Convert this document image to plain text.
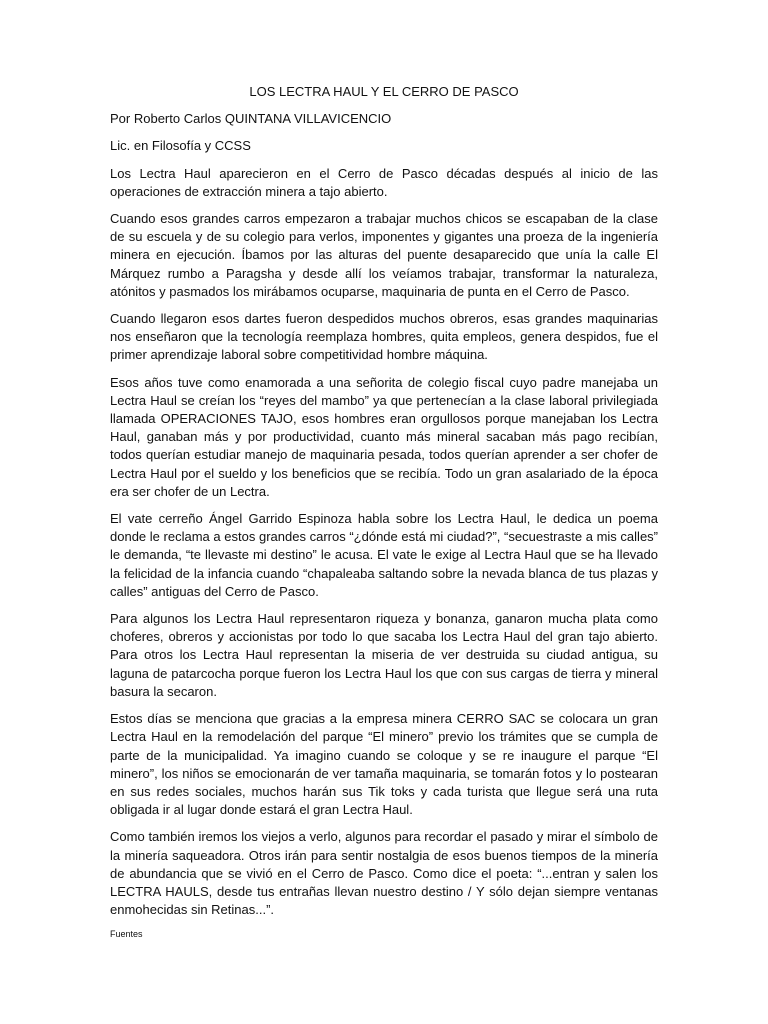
LOS LECTRA HAUL Y EL CERRO DE PASCO
Por Roberto Carlos QUINTANA VILLAVICENCIO
Lic. en Filosofía y CCSS

Los Lectra Haul aparecieron en el Cerro de Pasco décadas después al inicio de las operaciones de extracción minera a tajo abierto.

Cuando esos grandes carros empezaron a trabajar muchos chicos se escapaban de la clase de su escuela y de su colegio para verlos, imponentes y gigantes una proeza de la ingeniería minera en ejecución. Íbamos por las alturas del puente desaparecido que unía la calle El Márquez rumbo a Paragsha y desde allí los veíamos trabajar, transformar la naturaleza, atónitos y pasmados los mirábamos ocuparse, maquinaria de punta en el Cerro de Pasco.

Cuando llegaron esos dartes fueron despedidos muchos obreros, esas grandes maquinarias nos enseñaron que la tecnología reemplaza hombres, quita empleos, genera despidos, fue el primer aprendizaje laboral sobre competitividad hombre máquina.

Esos años tuve como enamorada a una señorita de colegio fiscal cuyo padre manejaba un Lectra Haul se creían los “reyes del mambo” ya que pertenecían a la clase laboral privilegiada llamada OPERACIONES TAJO, esos hombres eran orgullosos porque manejaban los Lectra Haul, ganaban más y por productividad, cuanto más mineral sacaban más pago recibían, todos querían estudiar manejo de maquinaria pesada, todos querían aprender a ser chofer de Lectra Haul por el sueldo y los beneficios que se recibía. Todo un gran asalariado de la época era ser chofer de un Lectra.

El vate cerreño Ángel Garrido Espinoza habla sobre los Lectra Haul, le dedica un poema donde le reclama a estos grandes carros “¿dónde está mi ciudad?”, “secuestraste a mis calles” le demanda, “te llevaste mi destino” le acusa. El vate le exige al Lectra Haul que se ha llevado la felicidad de la infancia cuando “chapaleaba saltando sobre la nevada blanca de tus plazas y calles” antiguas del Cerro de Pasco.

Para algunos los Lectra Haul representaron riqueza y bonanza, ganaron mucha plata como choferes, obreros y accionistas por todo lo que sacaba los Lectra Haul del gran tajo abierto. Para otros los Lectra Haul representan la miseria de ver destruida su ciudad antigua, su laguna de patarcocha porque fueron los Lectra Haul los que con sus cargas de tierra y mineral basura la secaron.

Estos días se menciona que gracias a la empresa minera CERRO SAC se colocara un gran Lectra Haul en la remodelación del parque “El minero” previo los trámites que se cumpla de parte de la municipalidad. Ya imagino cuando se coloque y se re inaugure el parque “El minero”, los niños se emocionarán de ver tamaña maquinaria, se tomarán fotos y lo postearan en sus redes sociales, muchos harán sus Tik toks y cada turista que llegue será una ruta obligada ir al lugar donde estará el gran Lectra Haul.

Como también iremos los viejos a verlo, algunos para recordar el pasado y mirar el símbolo de la minería saqueadora. Otros irán para sentir nostalgia de esos buenos tiempos de la minería de abundancia que se vivió en el Cerro de Pasco. Como dice el poeta: “...entran y salen los LECTRA HAULS, desde tus entrañas llevan nuestro destino / Y sólo dejan siempre ventanas enmohecidas sin Retinas...”.

Fuentes
